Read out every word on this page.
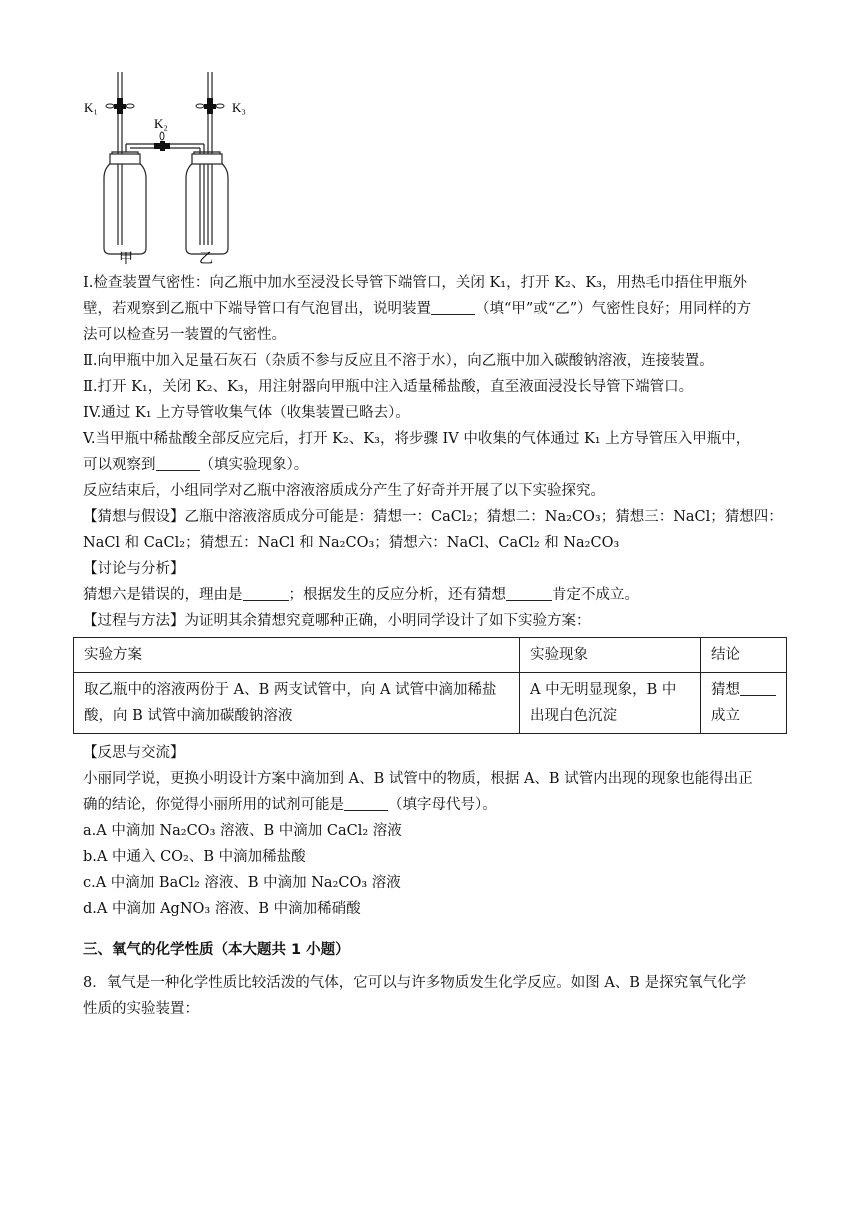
K₁	K₃
K₂
甲	乙
I.检查装置气密性：向乙瓶中加水至浸没长导管下端管口，关闭 K₁，打开 K₂、K₃，用热毛巾捂住甲瓶外
壁，若观察到乙瓶中下端导管口有气泡冒出，说明装置	（填“甲”或“乙”）气密性良好；用同样的方
法可以检查另一装置的气密性。
Ⅱ.向甲瓶中加入足量石灰石（杂质不参与反应且不溶于水），向乙瓶中加入碳酸钠溶液，连接装置。
Ⅱ.打开 K₁，关闭 K₂、K₃，用注射器向甲瓶中注入适量稀盐酸，直至液面浸没长导管下端管口。
IV.通过 K₁ 上方导管收集气体（收集装置已略去）。
V.当甲瓶中稀盐酸全部反应完后，打开 K₂、K₃，将步骤 IV 中收集的气体通过 K₁ 上方导管压入甲瓶中，
可以观察到	（填实验现象）。
反应结束后，小组同学对乙瓶中溶液溶质成分产生了好奇并开展了以下实验探究。
【猜想与假设】乙瓶中溶液溶质成分可能是：猜想一：CaCl₂；猜想二：Na₂CO₃；猜想三：NaCl；猜想四：
NaCl 和 CaCl₂；猜想五：NaCl 和 Na₂CO₃；猜想六：NaCl、CaCl₂ 和 Na₂CO₃
【讨论与分析】
猜想六是错误的，理由是	；根据发生的反应分析，还有猜想	肯定不成立。
【过程与方法】为证明其余猜想究竟哪种正确，小明同学设计了如下实验方案：
实验方案	实验现象	结论
取乙瓶中的溶液两份于 A、B 两支试管中，向 A 试管中滴加稀盐酸，向 B 试管中滴加碳酸钠溶液	A 中无明显现象，B 中出现白色沉淀	猜想
成立
【反思与交流】
小丽同学说，更换小明设计方案中滴加到 A、B 试管中的物质，根据 A、B 试管内出现的现象也能得出正
确的结论，你觉得小丽所用的试剂可能是	（填字母代号）。
a.A 中滴加 Na₂CO₃ 溶液、B 中滴加 CaCl₂ 溶液
b.A 中通入 CO₂、B 中滴加稀盐酸
c.A 中滴加 BaCl₂ 溶液、B 中滴加 Na₂CO₃ 溶液
d.A 中滴加 AgNO₃ 溶液、B 中滴加稀硝酸
三、氧气的化学性质（本大题共 1 小题）
8．氧气是一种化学性质比较活泼的气体，它可以与许多物质发生化学反应。如图 A、B 是探究氧气化学
性质的实验装置：
